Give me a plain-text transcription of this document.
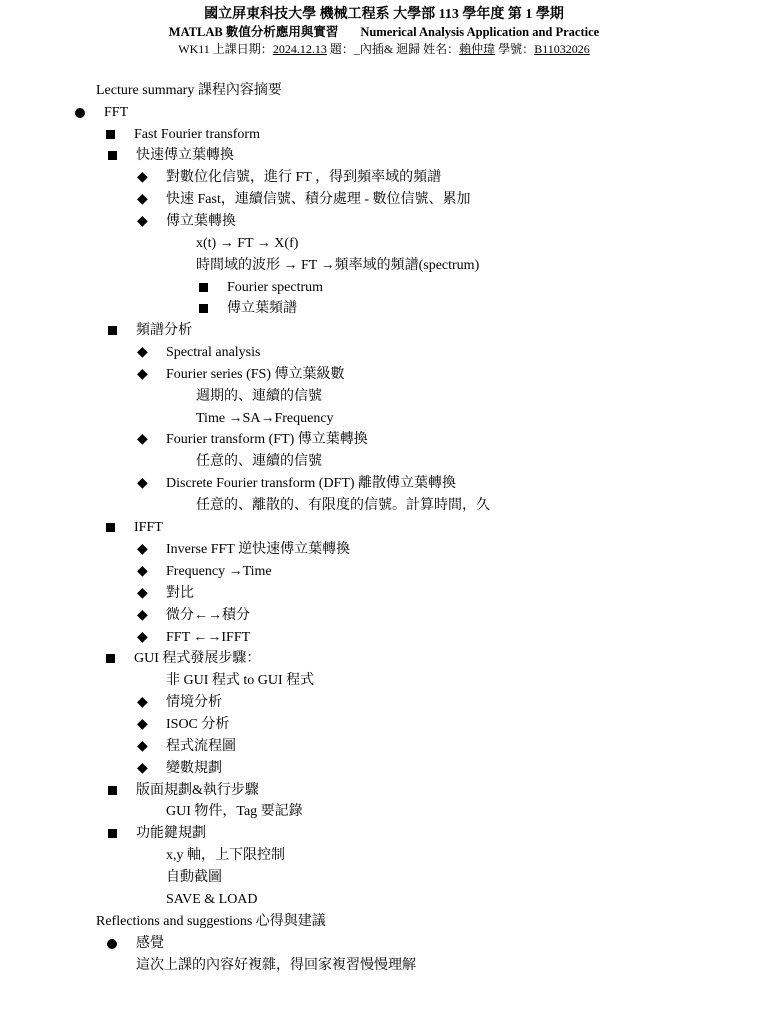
國立屏東科技大學 機械工程系 大學部 113 學年度 第 1 學期
MATLAB 數值分析應用與實習 Numerical Analysis Application and Practice
WK11 上課日期：2024.12.13 題：_內插& 迴歸 姓名：賴仲瑋 學號：B11032026
Lecture summary 課程內容摘要
FFT
Fast Fourier transform
快速傅立葉轉換
對數位化信號，進行 FT ，得到頻率域的頻譜
◆
快速 Fast，連續信號、積分處理 - 數位信號、累加
◆
傅立葉轉換
◆
x(t) → FT → X(f)
時間域的波形 → FT →頻率域的頻譜(spectrum)
Fourier spectrum
傅立葉頻譜
頻譜分析
Spectral analysis
◆
Fourier series (FS) 傅立葉級數
◆
週期的、連續的信號
Time →SA→Frequency
Fourier transform (FT) 傅立葉轉換
◆
任意的、連續的信號
Discrete Fourier transform (DFT) 離散傅立葉轉換
◆
任意的、離散的、有限度的信號。計算時間，久
IFFT
Inverse FFT 逆快速傅立葉轉換
◆
Frequency →Time
◆
對比
◆
微分←→積分
◆
FFT ←→IFFT
◆
GUI 程式發展步驟：
非 GUI 程式 to GUI 程式
情境分析
◆
ISOC 分析
◆
程式流程圖
◆
變數規劃
◆
版面規劃&執行步驟
GUI 物件，Tag 要記錄
功能鍵規劃
x,y 軸，上下限控制
自動截圖
SAVE & LOAD
Reflections and suggestions 心得與建議
感覺
這次上課的內容好複雜，得回家複習慢慢理解
